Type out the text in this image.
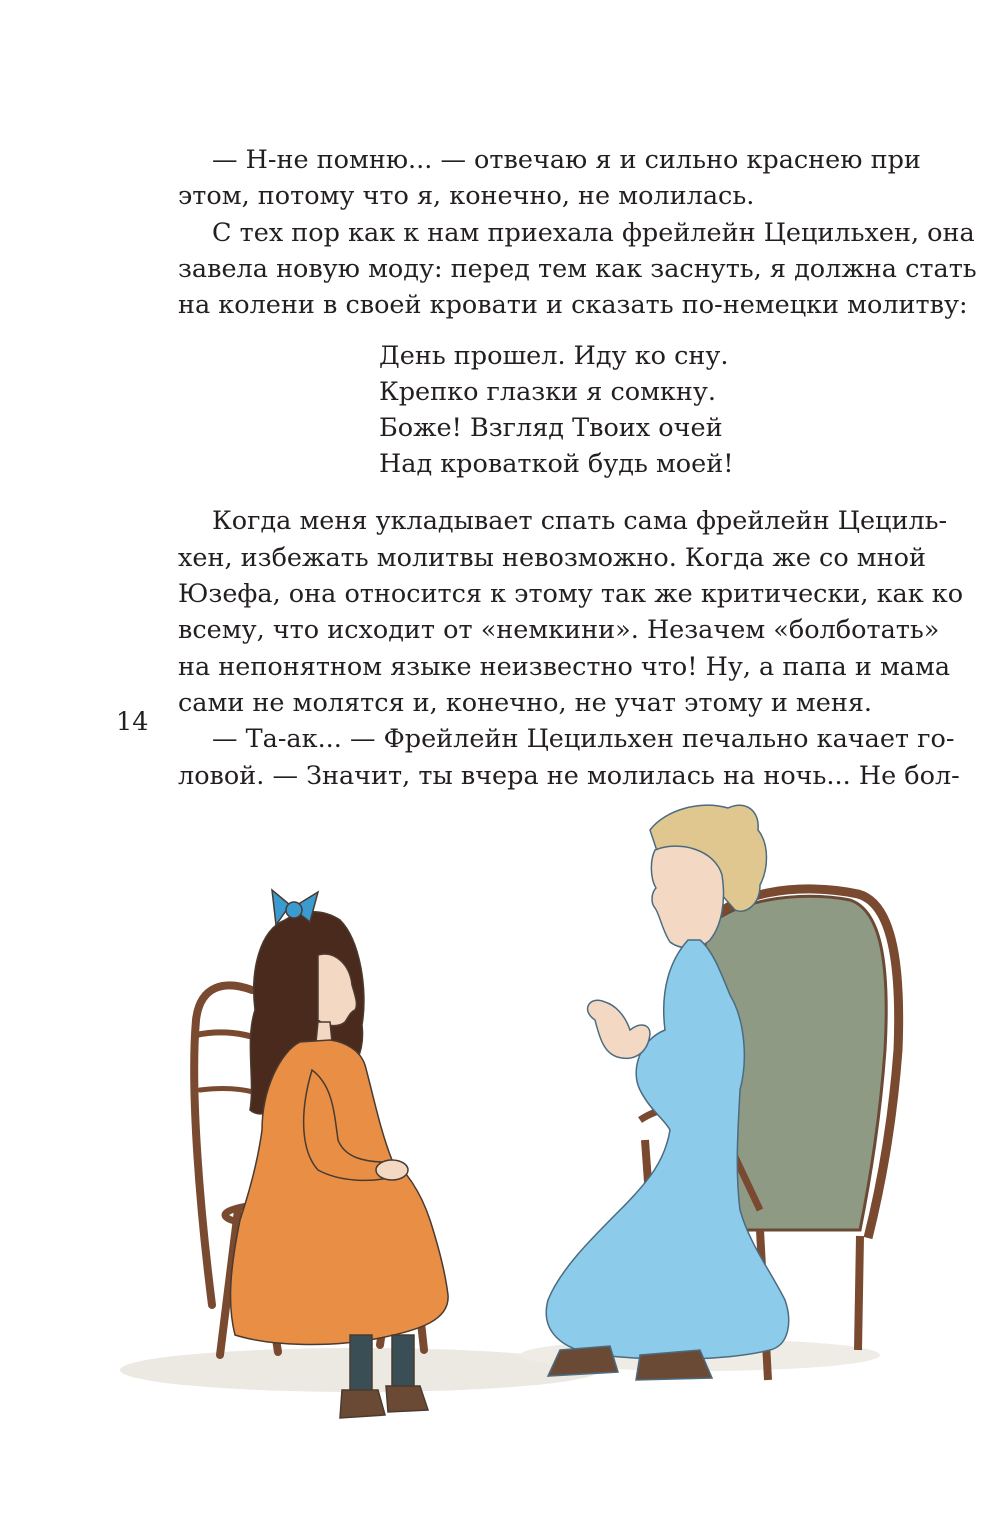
— Н-не помню... — отвечаю я и сильно краснею при
этом, потому что я, конечно, не молилась.
С тех пор как к нам приехала фрейлейн Цецильхен, она
завела новую моду: перед тем как заснуть, я должна стать
на колени в своей кровати и сказать по-немецки молитву:
День прошел. Иду ко сну.
Крепко глазки я сомкну.
Боже! Взгляд Твоих очей
Над кроваткой будь моей!
Когда меня укладывает спать сама фрейлейн Цециль-
хен, избежать молитвы невозможно. Когда же со мной
Юзефа, она относится к этому так же критически, как ко
всему, что исходит от «немкини». Незачем «болботать»
на непонятном языке неизвестно что! Ну, а папа и мама
сами не молятся и, конечно, не учат этому и меня.
— Та-ак... — Фрейлейн Цецильхен печально качает го-
ловой. — Значит, ты вчера не молилась на ночь... Не бол-
14
